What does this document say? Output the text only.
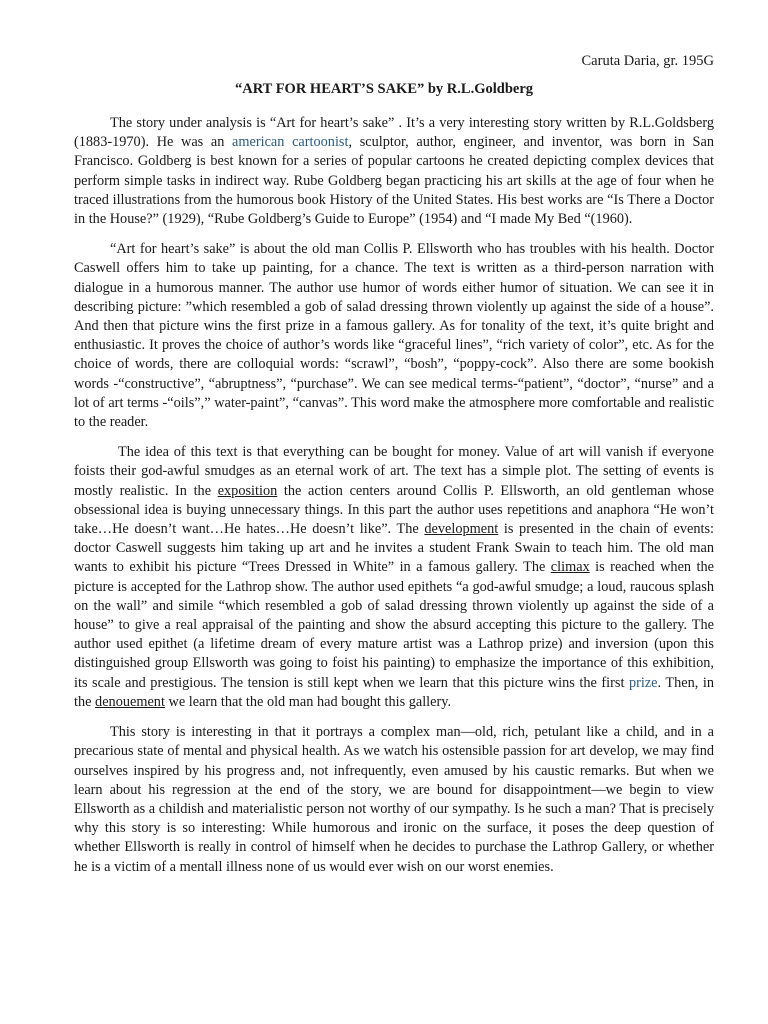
Caruta Daria, gr. 195G
“ART FOR HEART’S SAKE” by R.L.Goldberg

The story under analysis is “Art for heart’s sake” . It’s a very interesting story written by R.L.Goldsberg (1883-1970). He was an american cartoonist, sculptor, author, engineer, and inventor, was born in San Francisco. Goldberg is best known for a series of popular cartoons he created depicting complex devices that perform simple tasks in indirect way. Rube Goldberg began practicing his art skills at the age of four when he traced illustrations from the humorous book History of the United States. His best works are “Is There a Doctor in the House?” (1929), “Rube Goldberg’s Guide to Europe” (1954) and “I made My Bed “(1960).

“Art for heart’s sake” is about the old man Collis P. Ellsworth who has troubles with his health. Doctor Caswell offers him to take up painting, for a chance. The text is written as a third-person narration with dialogue in a humorous manner. The author use humor of words either humor of situation. We can see it in describing picture: ”which resembled a gob of salad dressing thrown violently up against the side of a house”. And then that picture wins the first prize in a famous gallery. As for tonality of the text, it’s quite bright and enthusiastic. It proves the choice of author’s words like “graceful lines”, “rich variety of color”, etc. As for the choice of words, there are colloquial words: “scrawl”, “bosh”, “poppy-cock”. Also there are some bookish words -“constructive”, “abruptness”, “purchase”. We can see medical terms-“patient”, “doctor”, “nurse” and a lot of art terms -“oils”,” water-paint”, “canvas”. This word make the atmosphere more comfortable and realistic to the reader.

The idea of this text is that everything can be bought for money. Value of art will vanish if everyone foists their god-awful smudges as an eternal work of art. The text has a simple plot. The setting of events is mostly realistic. In the exposition the action centers around Collis P. Ellsworth, an old gentleman whose obsessional idea is buying unnecessary things. In this part the author uses repetitions and anaphora “He won’t take…He doesn’t want…He hates…He doesn’t like”. The development is presented in the chain of events: doctor Caswell suggests him taking up art and he invites a student Frank Swain to teach him. The old man wants to exhibit his picture “Trees Dressed in White” in a famous gallery. The climax is reached when the picture is accepted for the Lathrop show. The author used epithets “a god-awful smudge; a loud, raucous splash on the wall” and simile “which resembled a gob of salad dressing thrown violently up against the side of a house” to give a real appraisal of the painting and show the absurd accepting this picture to the gallery. The author used epithet (a lifetime dream of every mature artist was a Lathrop prize) and inversion (upon this distinguished group Ellsworth was going to foist his painting) to emphasize the importance of this exhibition, its scale and prestigious. The tension is still kept when we learn that this picture wins the first prize. Then, in the denouement we learn that the old man had bought this gallery.

This story is interesting in that it portrays a complex man—old, rich, petulant like a child, and in a precarious state of mental and physical health. As we watch his ostensible passion for art develop, we may find ourselves inspired by his progress and, not infrequently, even amused by his caustic remarks. But when we learn about his regression at the end of the story, we are bound for disappointment—we begin to view Ellsworth as a childish and materialistic person not worthy of our sympathy. Is he such a man? That is precisely why this story is so interesting: While humorous and ironic on the surface, it poses the deep question of whether Ellsworth is really in control of himself when he decides to purchase the Lathrop Gallery, or whether he is a victim of a mentall illness none of us would ever wish on our worst enemies.
